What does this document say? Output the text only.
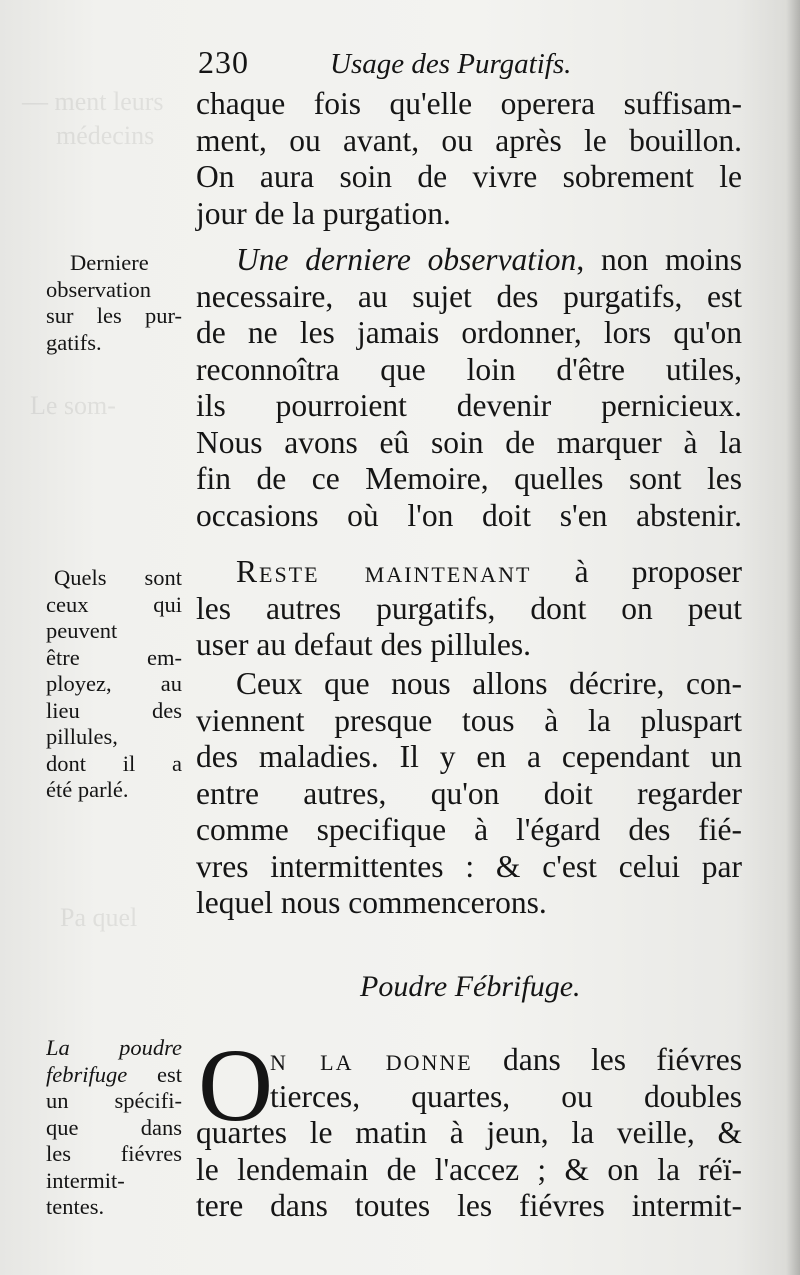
— ment leurs
médecins
Le som-
Pa quel
230	Usage des Purgatifs.
chaque fois qu'elle operera suffisam-
ment, ou avant, ou après le bouillon.
On aura soin de vivre sobrement le
jour de la purgation.
Une derniere observation, non moins
necessaire, au sujet des purgatifs, est
de ne les jamais ordonner, lors qu'on
reconnoîtra que loin d'être utiles,
ils pourroient devenir pernicieux.
Nous avons eû soin de marquer à la
fin de ce Memoire, quelles sont les
occasions où l'on doit s'en abstenir.
Reste maintenant à proposer
les autres purgatifs, dont on peut
user au defaut des pillules.
Ceux que nous allons décrire, con-
viennent presque tous à la pluspart
des maladies. Il y en a cependant un
entre autres, qu'on doit regarder
comme specifique à l'égard des fié-
vres intermittentes : & c'est celui par
lequel nous commencerons.
Poudre Fébrifuge.
O
n la donne dans les fiévres
tierces, quartes, ou doubles
quartes le matin à jeun, la veille, &
le lendemain de l'accez ; & on la réï-
tere dans toutes les fiévres intermit-
Derniere
observation
sur les pur-
gatifs.
Quels sont
ceux qui
peuvent
être em-
ployez, au
lieu des
pillules,
dont il a
été parlé.
La poudre
febrifuge est
un spécifi-
que dans
les fiévres
intermit-
tentes.
